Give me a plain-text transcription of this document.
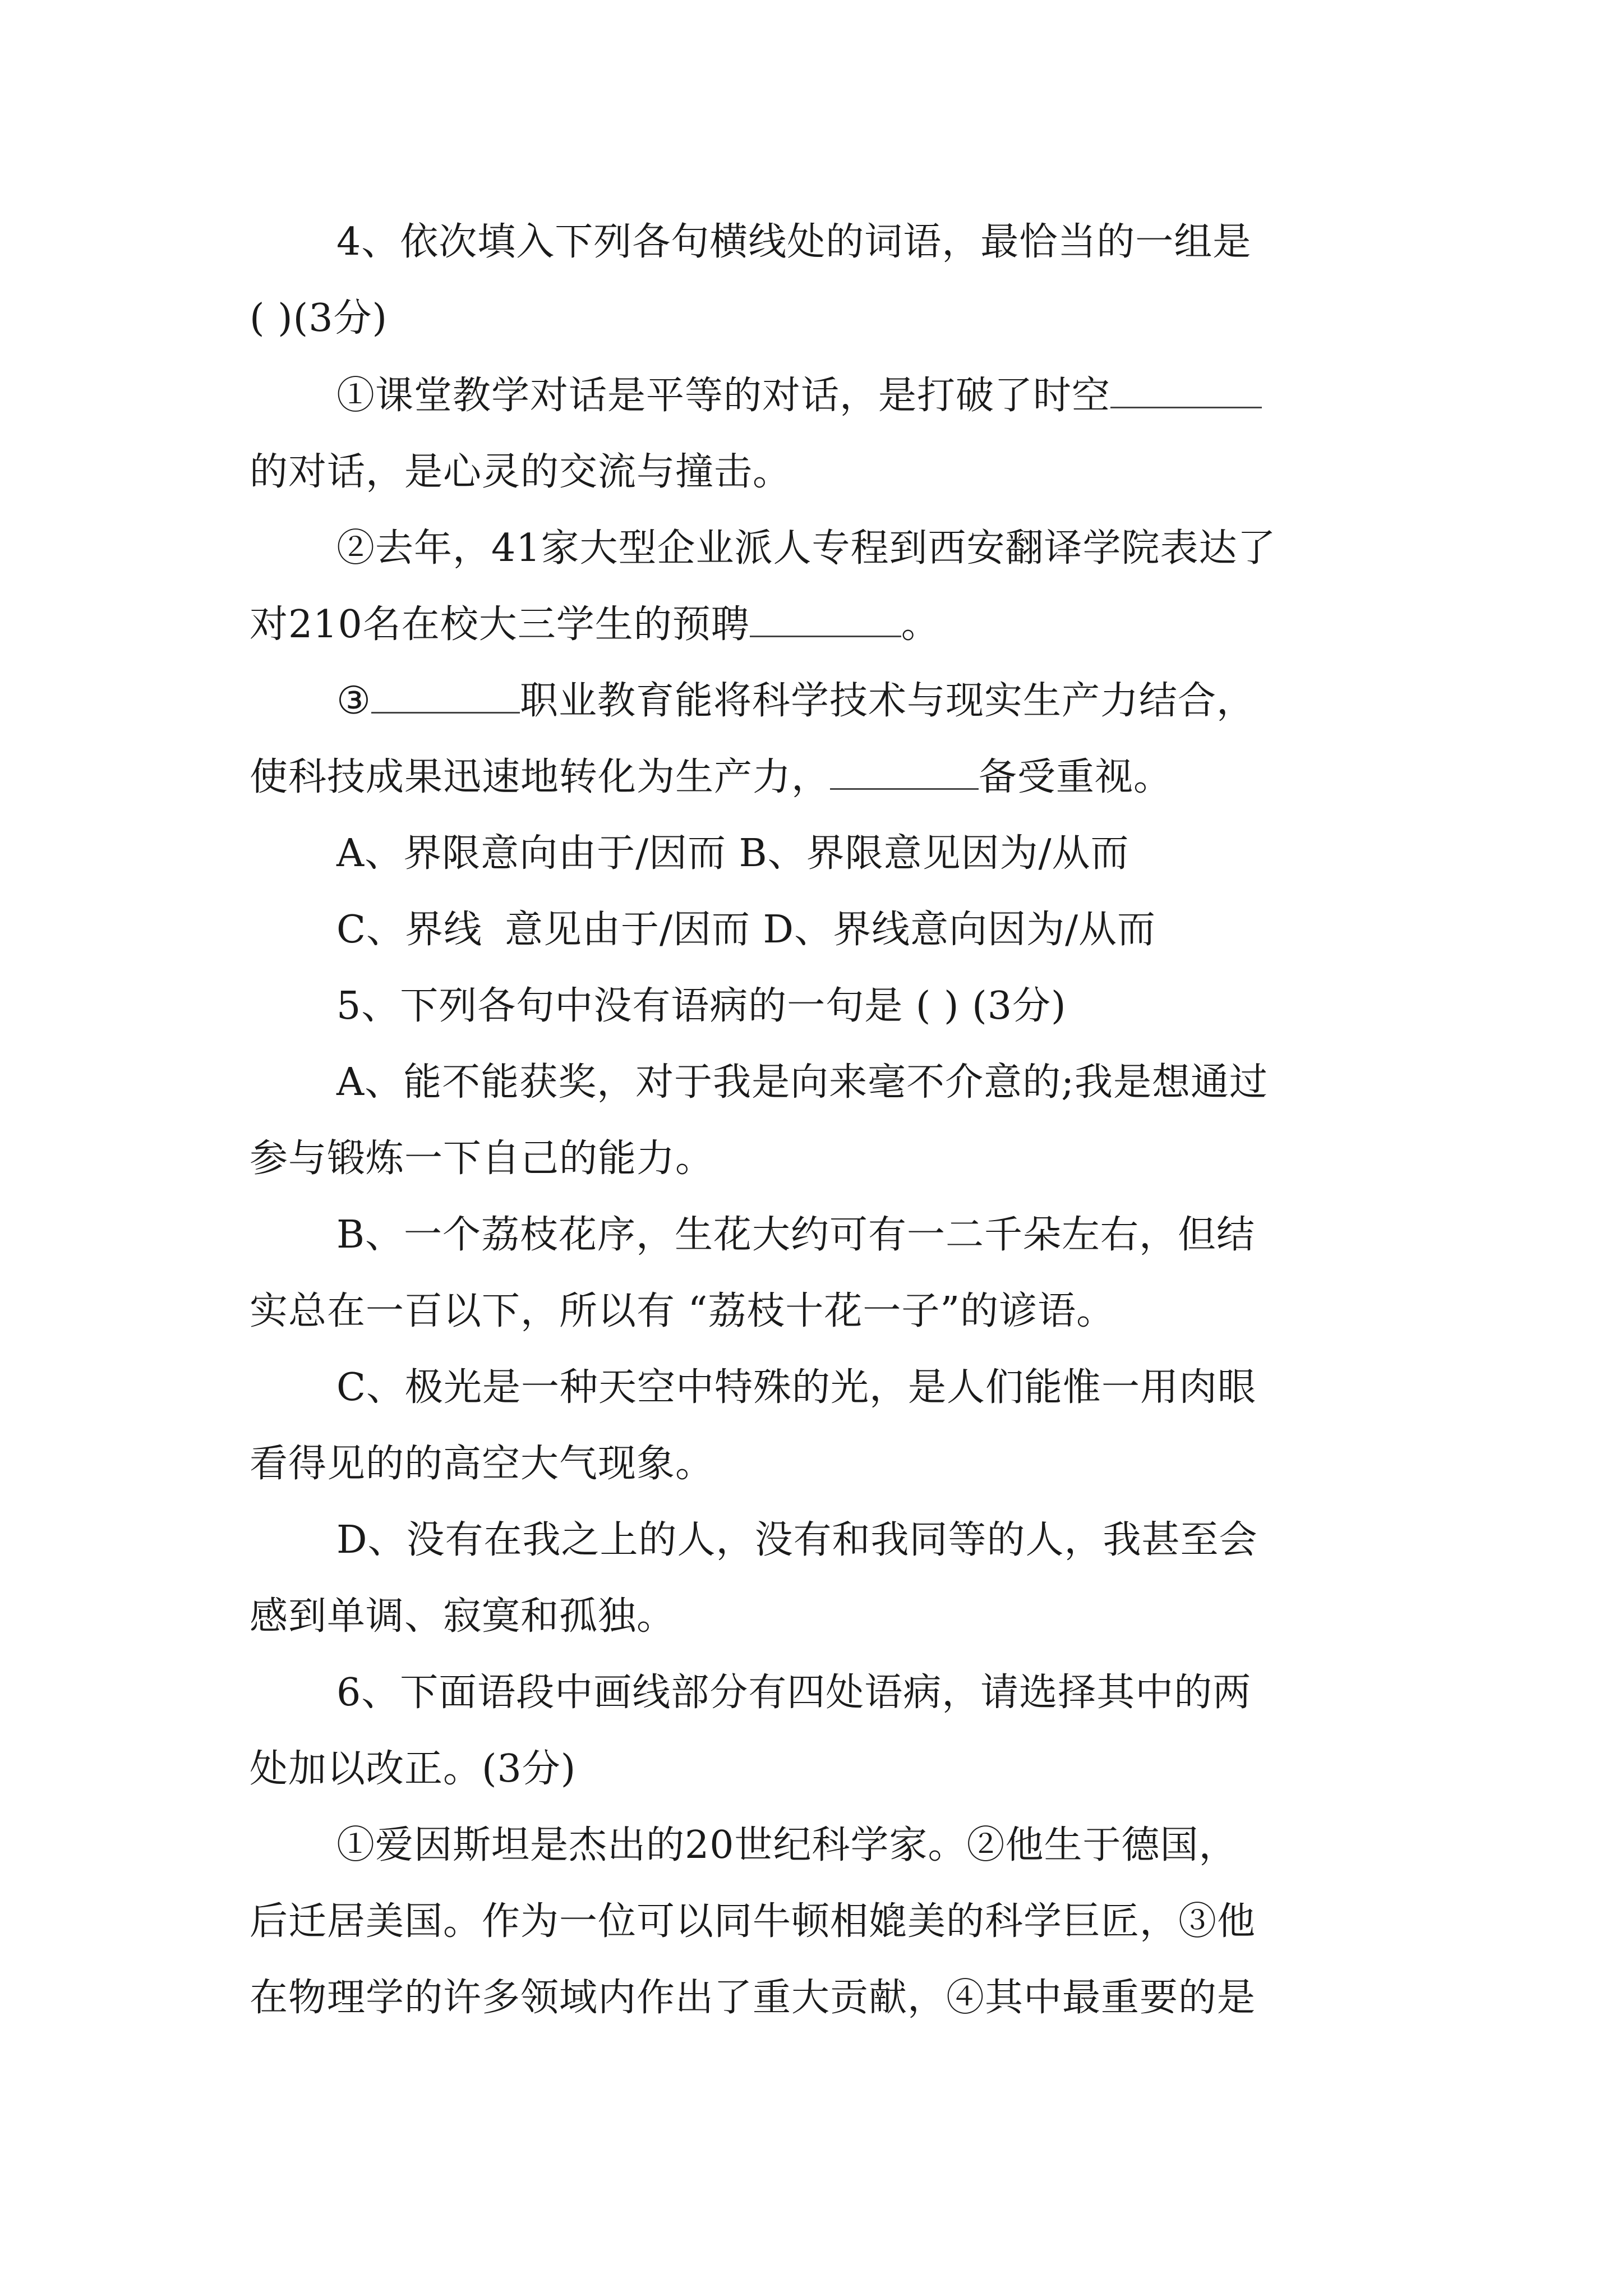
4、依次填入下列各句横线处的词语，最恰当的一组是
( )(3分)
①课堂教学对话是平等的对话，是打破了时空
的对话，是心灵的交流与撞击。
②去年，41家大型企业派人专程到西安翻译学院表达了
对210名在校大三学生的预聘	。
③	职业教育能将科学技术与现实生产力结合，
使科技成果迅速地转化为生产力，	备受重视。
A、界限意向由于/因而 B、界限意见因为/从而
C、界线 意见由于/因而 D、界线意向因为/从而
5、下列各句中没有语病的一句是 ( ) (3分)
A、能不能获奖，对于我是向来毫不介意的;我是想通过
参与锻炼一下自己的能力。
B、一个荔枝花序，生花大约可有一二千朵左右，但结
实总在一百以下，所以有 “荔枝十花一子”的谚语。
C、极光是一种天空中特殊的光，是人们能惟一用肉眼
看得见的的高空大气现象。
D、没有在我之上的人，没有和我同等的人，我甚至会
感到单调、寂寞和孤独。
6、下面语段中画线部分有四处语病，请选择其中的两
处加以改正。(3分)
①爱因斯坦是杰出的20世纪科学家。②他生于德国，
后迁居美国。作为一位可以同牛顿相媲美的科学巨匠，③他
在物理学的许多领域内作出了重大贡献，④其中最重要的是
